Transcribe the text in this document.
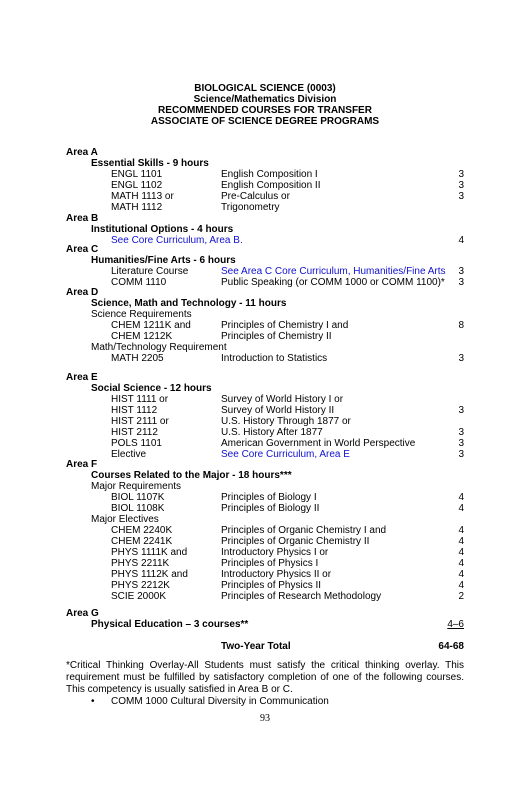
BIOLOGICAL SCIENCE (0003)
Science/Mathematics Division
RECOMMENDED COURSES FOR TRANSFER
ASSOCIATE OF SCIENCE DEGREE PROGRAMS
Area A
Essential Skills - 9 hours
ENGL 1101	English Composition I	3
ENGL 1102	English Composition II	3
MATH 1113 or	Pre-Calculus or	3
MATH 1112	Trigonometry
Area B
Institutional Options - 4 hours
See Core Curriculum, Area B.	4
Area C
Humanities/Fine Arts - 6 hours
Literature Course	See Area C Core Curriculum, Humanities/Fine Arts 3
COMM 1110	Public Speaking (or COMM 1000 or COMM 1100)* 3
Area D
Science, Math and Technology - 11 hours
Science Requirements
CHEM 1211K and	Principles of Chemistry I and	8
CHEM 1212K	Principles of Chemistry II
Math/Technology Requirement
MATH 2205	Introduction to Statistics	3
Area E
Social Science - 12 hours
HIST 1111 or	Survey of World History I or
HIST 1112	Survey of World History II	3
HIST 2111 or	U.S. History Through 1877 or
HIST 2112	U.S. History After 1877	3
POLS 1101	American Government in World Perspective	3
Elective	See Core Curriculum, Area E	3
Area F
Courses Related to the Major - 18 hours***
Major Requirements
BIOL 1107K	Principles of Biology I	4
BIOL 1108K	Principles of Biology II	4
Major Electives
CHEM 2240K	Principles of Organic Chemistry I and	4
CHEM 2241K	Principles of Organic Chemistry II	4
PHYS 1111K and	Introductory Physics I or	4
PHYS 2211K	Principles of Physics I	4
PHYS 1112K and	Introductory Physics II or	4
PHYS 2212K	Principles of Physics II	4
SCIE 2000K	Principles of Research Methodology	2
Area G
Physical Education – 3 courses**	4–6
Two-Year Total	64-68
*Critical Thinking Overlay-All Students must satisfy the critical thinking overlay. This requirement must be fulfilled by satisfactory completion of one of the following courses. This competency is usually satisfied in Area B or C.
• COMM 1000 Cultural Diversity in Communication
93
